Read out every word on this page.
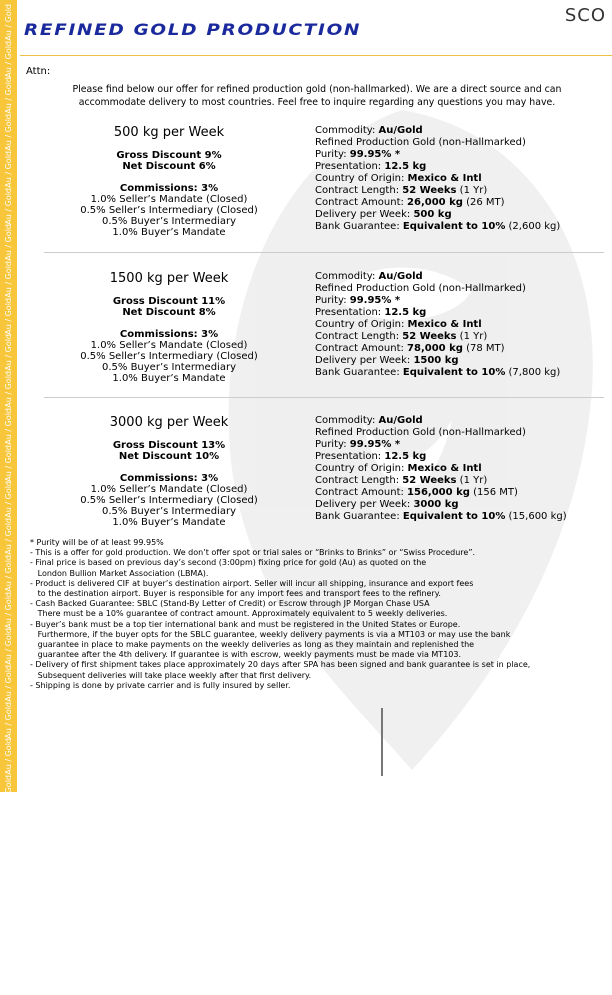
Au / Gold
Au / Gold
Au / Gold
Au / Gold
Au / Gold
Au / Gold
Au / Gold
Au / Gold
Au / Gold
Au / Gold
Au / Gold
Au / Gold
Au / Gold
Au / Gold
Au / Gold
Au / Gold
Au / Gold
Au / Gold
Au / Gold
Au / Gold
Au / Gold
Au / Gold
Au / Gold
Au / Gold
Au / Gold
Au / Gold
Au / Gold
SCO
REFINED GOLD PRODUCTION
Attn:
Please find below our offer for refined production gold (non-hallmarked). We are a direct source and can
accommodate delivery to most countries. Feel free to inquire regarding any questions you may have.
500 kg per Week
Gross Discount 9%
Net Discount 6%
Commissions: 3%
1.0% Seller’s Mandate (Closed)
0.5% Seller’s Intermediary (Closed)
0.5% Buyer’s Intermediary
1.0% Buyer’s Mandate
Commodity: Au/Gold
Refined Production Gold (non-Hallmarked)
Purity: 99.95% *
Presentation: 12.5 kg
Country of Origin: Mexico & Intl
Contract Length: 52 Weeks (1 Yr)
Contract Amount: 26,000 kg (26 MT)
Delivery per Week: 500 kg
Bank Guarantee: Equivalent to 10% (2,600 kg)
1500 kg per Week
Gross Discount 11%
Net Discount 8%
Commissions: 3%
1.0% Seller’s Mandate (Closed)
0.5% Seller’s Intermediary (Closed)
0.5% Buyer’s Intermediary
1.0% Buyer’s Mandate
Commodity: Au/Gold
Refined Production Gold (non-Hallmarked)
Purity: 99.95% *
Presentation: 12.5 kg
Country of Origin: Mexico & Intl
Contract Length: 52 Weeks (1 Yr)
Contract Amount: 78,000 kg (78 MT)
Delivery per Week: 1500 kg
Bank Guarantee: Equivalent to 10% (7,800 kg)
3000 kg per Week
Gross Discount 13%
Net Discount 10%
Commissions: 3%
1.0% Seller’s Mandate (Closed)
0.5% Seller’s Intermediary (Closed)
0.5% Buyer’s Intermediary
1.0% Buyer’s Mandate
Commodity: Au/Gold
Refined Production Gold (non-Hallmarked)
Purity: 99.95% *
Presentation: 12.5 kg
Country of Origin: Mexico & Intl
Contract Length: 52 Weeks (1 Yr)
Contract Amount: 156,000 kg (156 MT)
Delivery per Week: 3000 kg
Bank Guarantee: Equivalent to 10% (15,600 kg)
* Purity will be of at least 99.95%
- This is a offer for gold production. We don’t offer spot or trial sales or “Brinks to Brinks” or “Swiss Procedure”.
- Final price is based on previous day’s second (3:00pm) fixing price for gold (Au) as quoted on the
London Bullion Market Association (LBMA).
- Product is delivered CIF at buyer’s destination airport. Seller will incur all shipping, insurance and export fees
to the destination airport. Buyer is responsible for any import fees and transport fees to the refinery.
- Cash Backed Guarantee: SBLC (Stand-By Letter of Credit) or Escrow through JP Morgan Chase USA
There must be a 10% guarantee of contract amount. Approximately equivalent to 5 weekly deliveries.
- Buyer’s bank must be a top tier international bank and must be registered in the United States or Europe.
Furthermore, if the buyer opts for the SBLC guarantee, weekly delivery payments is via a MT103 or may use the bank
guarantee in place to make payments on the weekly deliveries as long as they maintain and replenished the
guarantee after the 4th delivery. If guarantee is with escrow, weekly payments must be made via MT103.
- Delivery of first shipment takes place approximately 20 days after SPA has been signed and bank guarantee is set in place,
Subsequent deliveries will take place weekly after that first delivery.
- Shipping is done by private carrier and is fully insured by seller.
